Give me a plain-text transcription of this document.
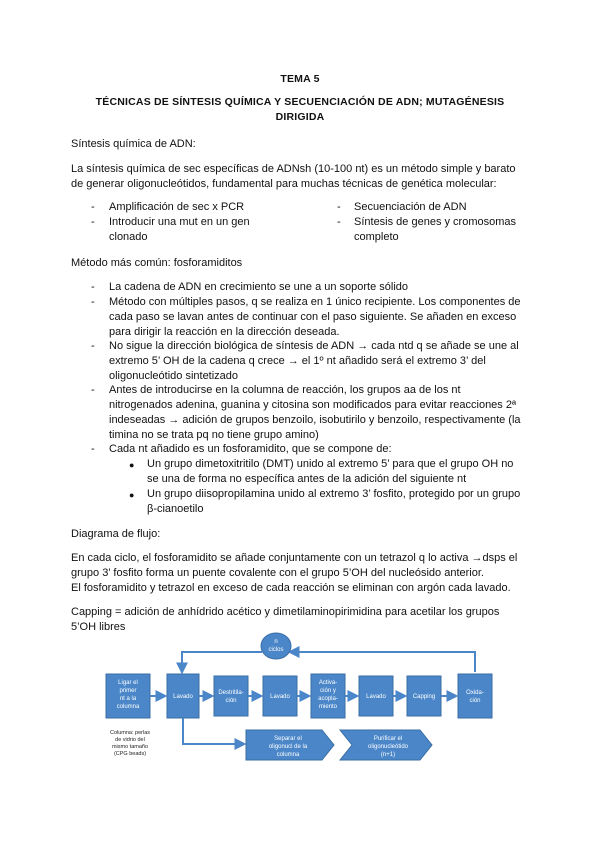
TEMA 5
TÉCNICAS DE SÍNTESIS QUÍMICA Y SECUENCIACIÓN DE ADN; MUTAGÉNESIS
DIRIGIDA
Síntesis química de ADN:
La síntesis química de sec específicas de ADNsh (10-100 nt) es un método simple y barato
de generar oligonucleótidos, fundamental para muchas técnicas de genética molecular:
- Amplificación de sec x PCR
- Introducir una mut en un gen
clonado
- Secuenciación de ADN
- Síntesis de genes y cromosomas
completo
Método más común: fosforamiditos
- La cadena de ADN en crecimiento se une a un soporte sólido
- Método con múltiples pasos, q se realiza en 1 único recipiente. Los componentes de
cada paso se lavan antes de continuar con el paso siguiente. Se añaden en exceso
para dirigir la reacción en la dirección deseada.
- No sigue la dirección biológica de síntesis de ADN → cada ntd q se añade se une al
extremo 5’ OH de la cadena q crece → el 1º nt añadido será el extremo 3’ del
oligonucleótido sintetizado
- Antes de introducirse en la columna de reacción, los grupos aa de los nt
nitrogenados adenina, guanina y citosina son modificados para evitar reacciones 2ª
indeseadas → adición de grupos benzoilo, isobutirilo y benzoilo, respectivamente (la
timina no se trata pq no tiene grupo amino)
- Cada nt añadido es un fosforamidito, que se compone de:
● Un grupo dimetoxitritilo (DMT) unido al extremo 5’ para que el grupo OH no
se una de forma no específica antes de la adición del siguiente nt
● Un grupo diisopropilamina unido al extremo 3’ fosfito, protegido por un grupo
β-cianoetilo
Diagrama de flujo:
En cada ciclo, el fosforamidito se añade conjuntamente con un tetrazol q lo activa →dsps el
grupo 3’ fosfito forma un puente covalente con el grupo 5’OH del nucleósido anterior.
El fosforamidito y tetrazol en exceso de cada reacción se eliminan con argón cada lavado.
Capping = adición de anhídrido acético y dimetilaminopirimidina para acetilar los grupos
5’OH libres
n
ciclos
Ligar el
primer
nt a la
columna
Lavado
Destritila-
ción
Lavado
Activa-
ción y
acopla-
miento
Lavado	Capping
Oxida-
ción
Separar el
oligonucl de la
columna
Purificar el
oligonucleótido
(n+1)
Columna: perlas
de vidrio del
mismo tamaño
(CPG beads)
